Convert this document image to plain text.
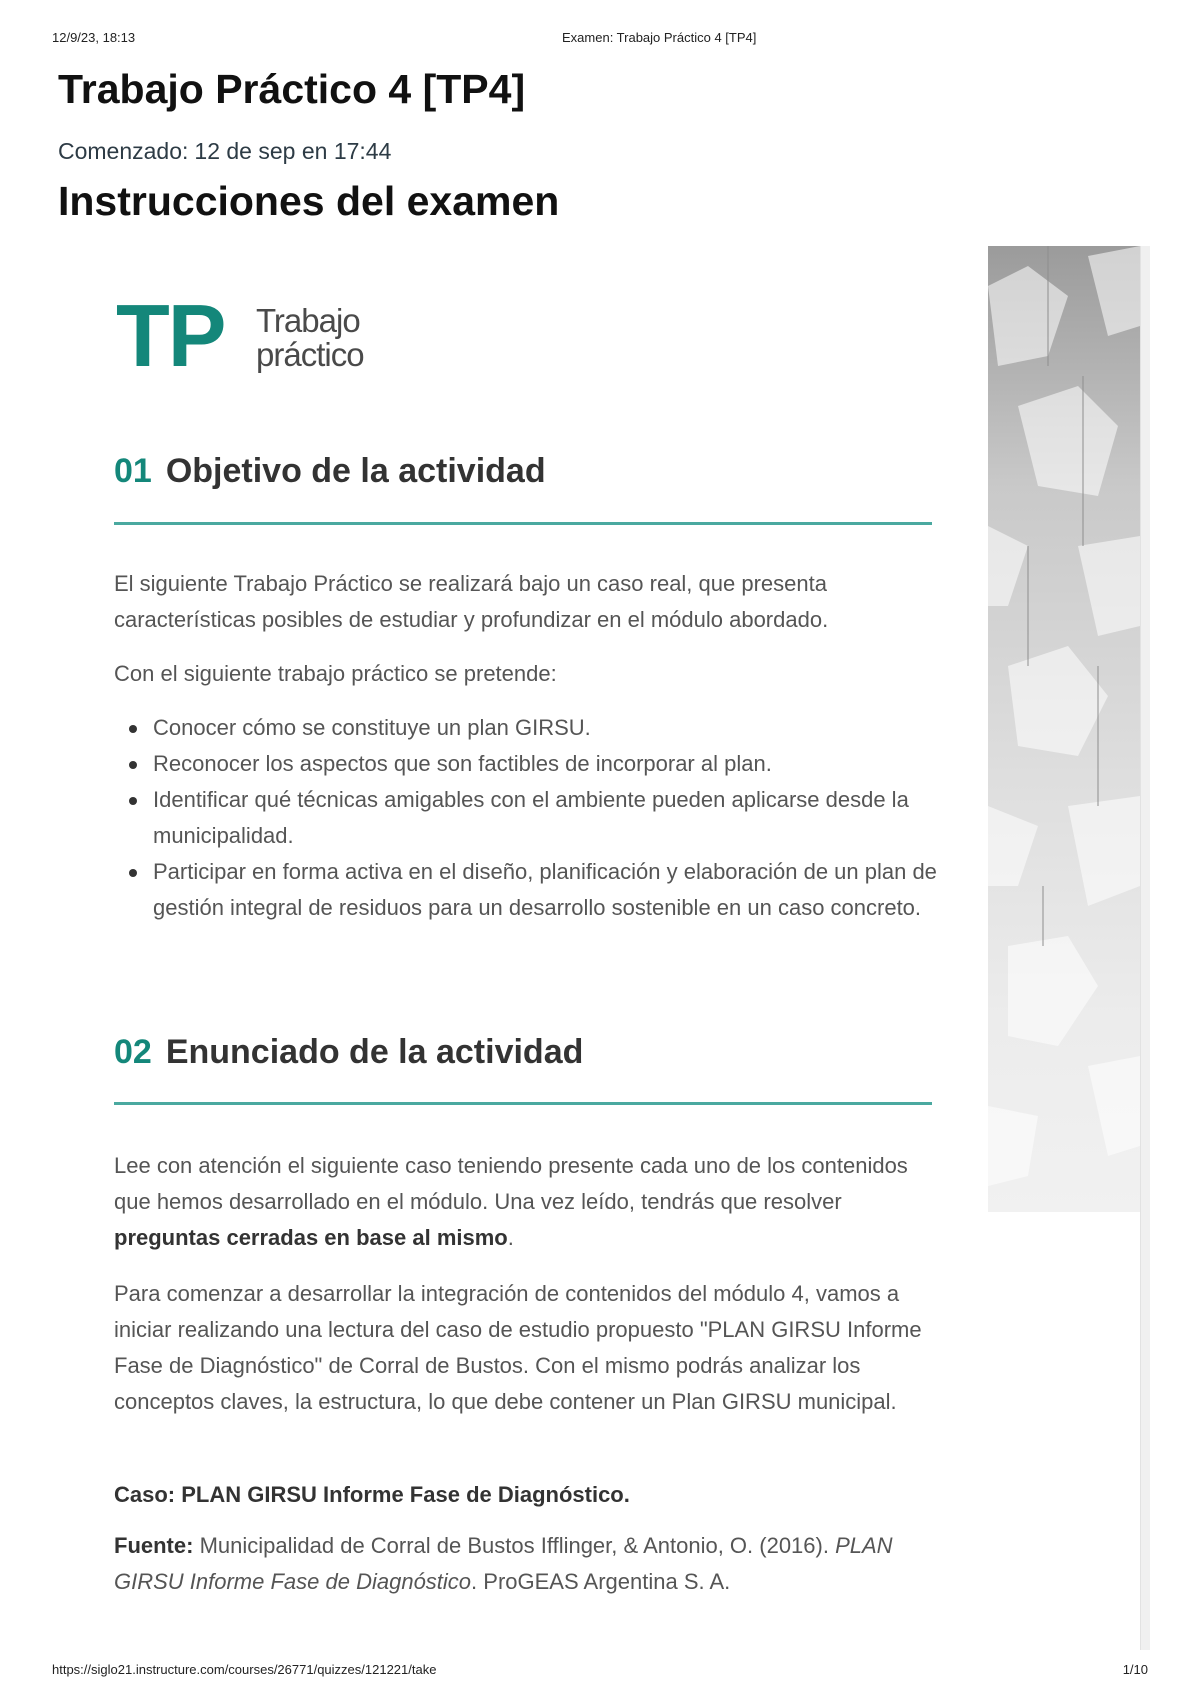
12/9/23, 18:13	Examen: Trabajo Práctico 4 [TP4]
Trabajo Práctico 4 [TP4]
Comenzado: 12 de sep en 17:44
Instrucciones del examen
TP Trabajo
práctico
01 Objetivo de la actividad

El siguiente Trabajo Práctico se realizará bajo un caso real, que presenta características posibles de estudiar y profundizar en el módulo abordado.

Con el siguiente trabajo práctico se pretende:

Conocer cómo se constituye un plan GIRSU.
Reconocer los aspectos que son factibles de incorporar al plan.
Identificar qué técnicas amigables con el ambiente pueden aplicarse desde la municipalidad.
Participar en forma activa en el diseño, planificación y elaboración de un plan de gestión integral de residuos para un desarrollo sostenible en un caso concreto.
02 Enunciado de la actividad

Lee con atención el siguiente caso teniendo presente cada uno de los contenidos que hemos desarrollado en el módulo. Una vez leído, tendrás que resolver preguntas cerradas en base al mismo.

Para comenzar a desarrollar la integración de contenidos del módulo 4, vamos a iniciar realizando una lectura del caso de estudio propuesto "PLAN GIRSU Informe Fase de Diagnóstico" de Corral de Bustos. Con el mismo podrás analizar los conceptos claves, la estructura, lo que debe contener un Plan GIRSU municipal.

Caso: PLAN GIRSU Informe Fase de Diagnóstico.

Fuente: Municipalidad de Corral de Bustos Ifflinger, & Antonio, O. (2016). PLAN GIRSU Informe Fase de Diagnóstico. ProGEAS Argentina S. A.

https://siglo21.instructure.com/courses/26771/quizzes/121221/take	1/10
